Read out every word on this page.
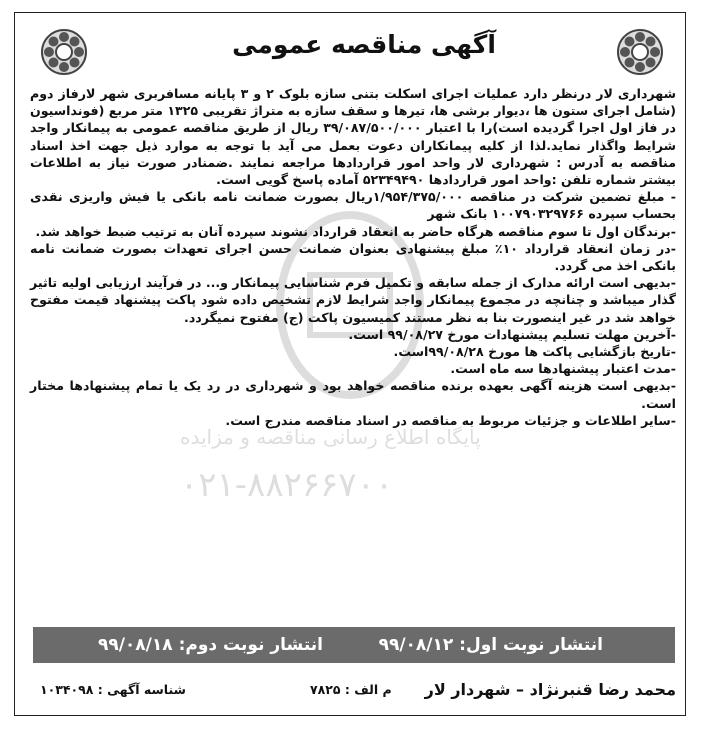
آگهی مناقصه عمومی
پایگاه اطلاع رسانی مناقصه و مزایده
۰۲۱-۸۸۲۶۶۷۰۰

شهرداری لار درنظر دارد عملیات اجرای اسکلت بتنی سازه بلوک ۲ و ۳ پایانه مسافربری شهر لارفاز دوم (شامل اجرای ستون ها ،دیوار برشی ها، تیرها و سقف سازه به متراژ تقریبی ۱۳۲۵ متر مربع (فونداسیون در فاز اول اجرا گردیده است)را با اعتبار ۳۹/۰۸۷/۵۰۰/۰۰۰ ریال از طریق مناقصه عمومی به پیمانکار واجد شرایط واگذار نماید.لذا از کلیه پیمانکاران دعوت بعمل می آید با توجه به موارد ذیل جهت اخذ اسناد مناقصه به آدرس : شهرداری لار واحد امور قراردادها مراجعه نمایند .ضمنادر صورت نیاز به اطلاعات بیشتر شماره تلفن :واحد امور قراردادها ۵۲۳۴۹۴۹۰ آماده پاسخ گویی است.

- مبلغ تضمین شرکت در مناقصه ۱/۹۵۴/۳۷۵/۰۰۰ریال بصورت ضمانت نامه بانکی یا فیش واریزی نقدی بحساب سپرده ۱۰۰۷۹۰۳۲۹۷۶۶ بانک شهر

-برندگان اول تا سوم مناقصه هرگاه حاضر به انعقاد قرارداد نشوند سپرده آنان به ترتیب ضبط خواهد شد.

-در زمان انعقاد قرارداد ۱۰٪ مبلغ پیشنهادی بعنوان ضمانت حسن اجرای تعهدات بصورت ضمانت نامه بانکی اخذ می گردد.

-بدیهی است ارائه مدارک از جمله سابقه و تکمیل فرم شناسایی پیمانکار و... در فرآیند ارزیابی اولیه تاثیر گذار میباشد و چنانچه در مجموع پیمانکار واجد شرایط لازم تشخیص داده شود پاکت پیشنهاد قیمت مفتوح خواهد شد در غیر اینصورت بنا به نظر مستند کمیسیون پاکت (ج) مفتوح نمیگردد.

-آخرین مهلت تسلیم پیشنهادات مورخ ۹۹/۰۸/۲۷ است.

-تاریخ بازگشایی پاکت ها مورخ ۹۹/۰۸/۲۸است.

-مدت اعتبار پیشنهادها سه ماه است.

-بدیهی است هزینه آگهی بعهده برنده مناقصه خواهد بود و شهرداری در رد یک یا تمام پیشنهادها مختار است.

-سایر اطلاعات و جزئیات مربوط به مناقصه در اسناد مناقصه مندرج است.

انتشار نوبت اول: ۹۹/۰۸/۱۲
انتشار نوبت دوم: ۹۹/۰۸/۱۸
محمد رضا قنبرنژاد – شهردار لار
م الف : ۷۸۲۵
شناسه آگهی : ۱۰۳۴۰۹۸
